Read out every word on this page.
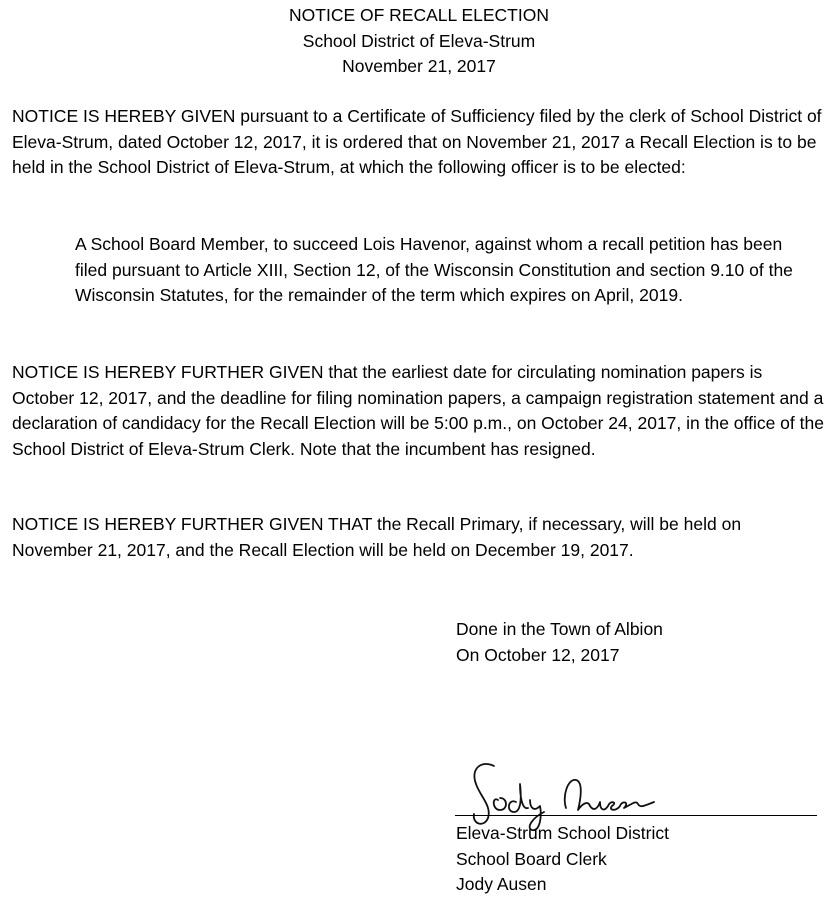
NOTICE OF RECALL ELECTION
School District of Eleva-Strum
November 21, 2017
NOTICE IS HEREBY GIVEN pursuant to a Certificate of Sufficiency filed by the clerk of School District of Eleva-Strum, dated October 12, 2017, it is ordered that on November 21, 2017 a Recall Election is to be held in the School District of Eleva-Strum, at which the following officer is to be elected:
A School Board Member, to succeed Lois Havenor, against whom a recall petition has been filed pursuant to Article XIII, Section 12, of the Wisconsin Constitution and section 9.10 of the Wisconsin Statutes, for the remainder of the term which expires on April, 2019.
NOTICE IS HEREBY FURTHER GIVEN that the earliest date for circulating nomination papers is October 12, 2017, and the deadline for filing nomination papers, a campaign registration statement and a declaration of candidacy for the Recall Election will be 5:00 p.m., on October 24, 2017, in the office of the School District of Eleva-Strum Clerk. Note that the incumbent has resigned.
NOTICE IS HEREBY FURTHER GIVEN THAT the Recall Primary, if necessary, will be held on November 21, 2017, and the Recall Election will be held on December 19, 2017.
Done in the Town of Albion
On October 12, 2017
Eleva-Strum School District
School Board Clerk
Jody Ausen
